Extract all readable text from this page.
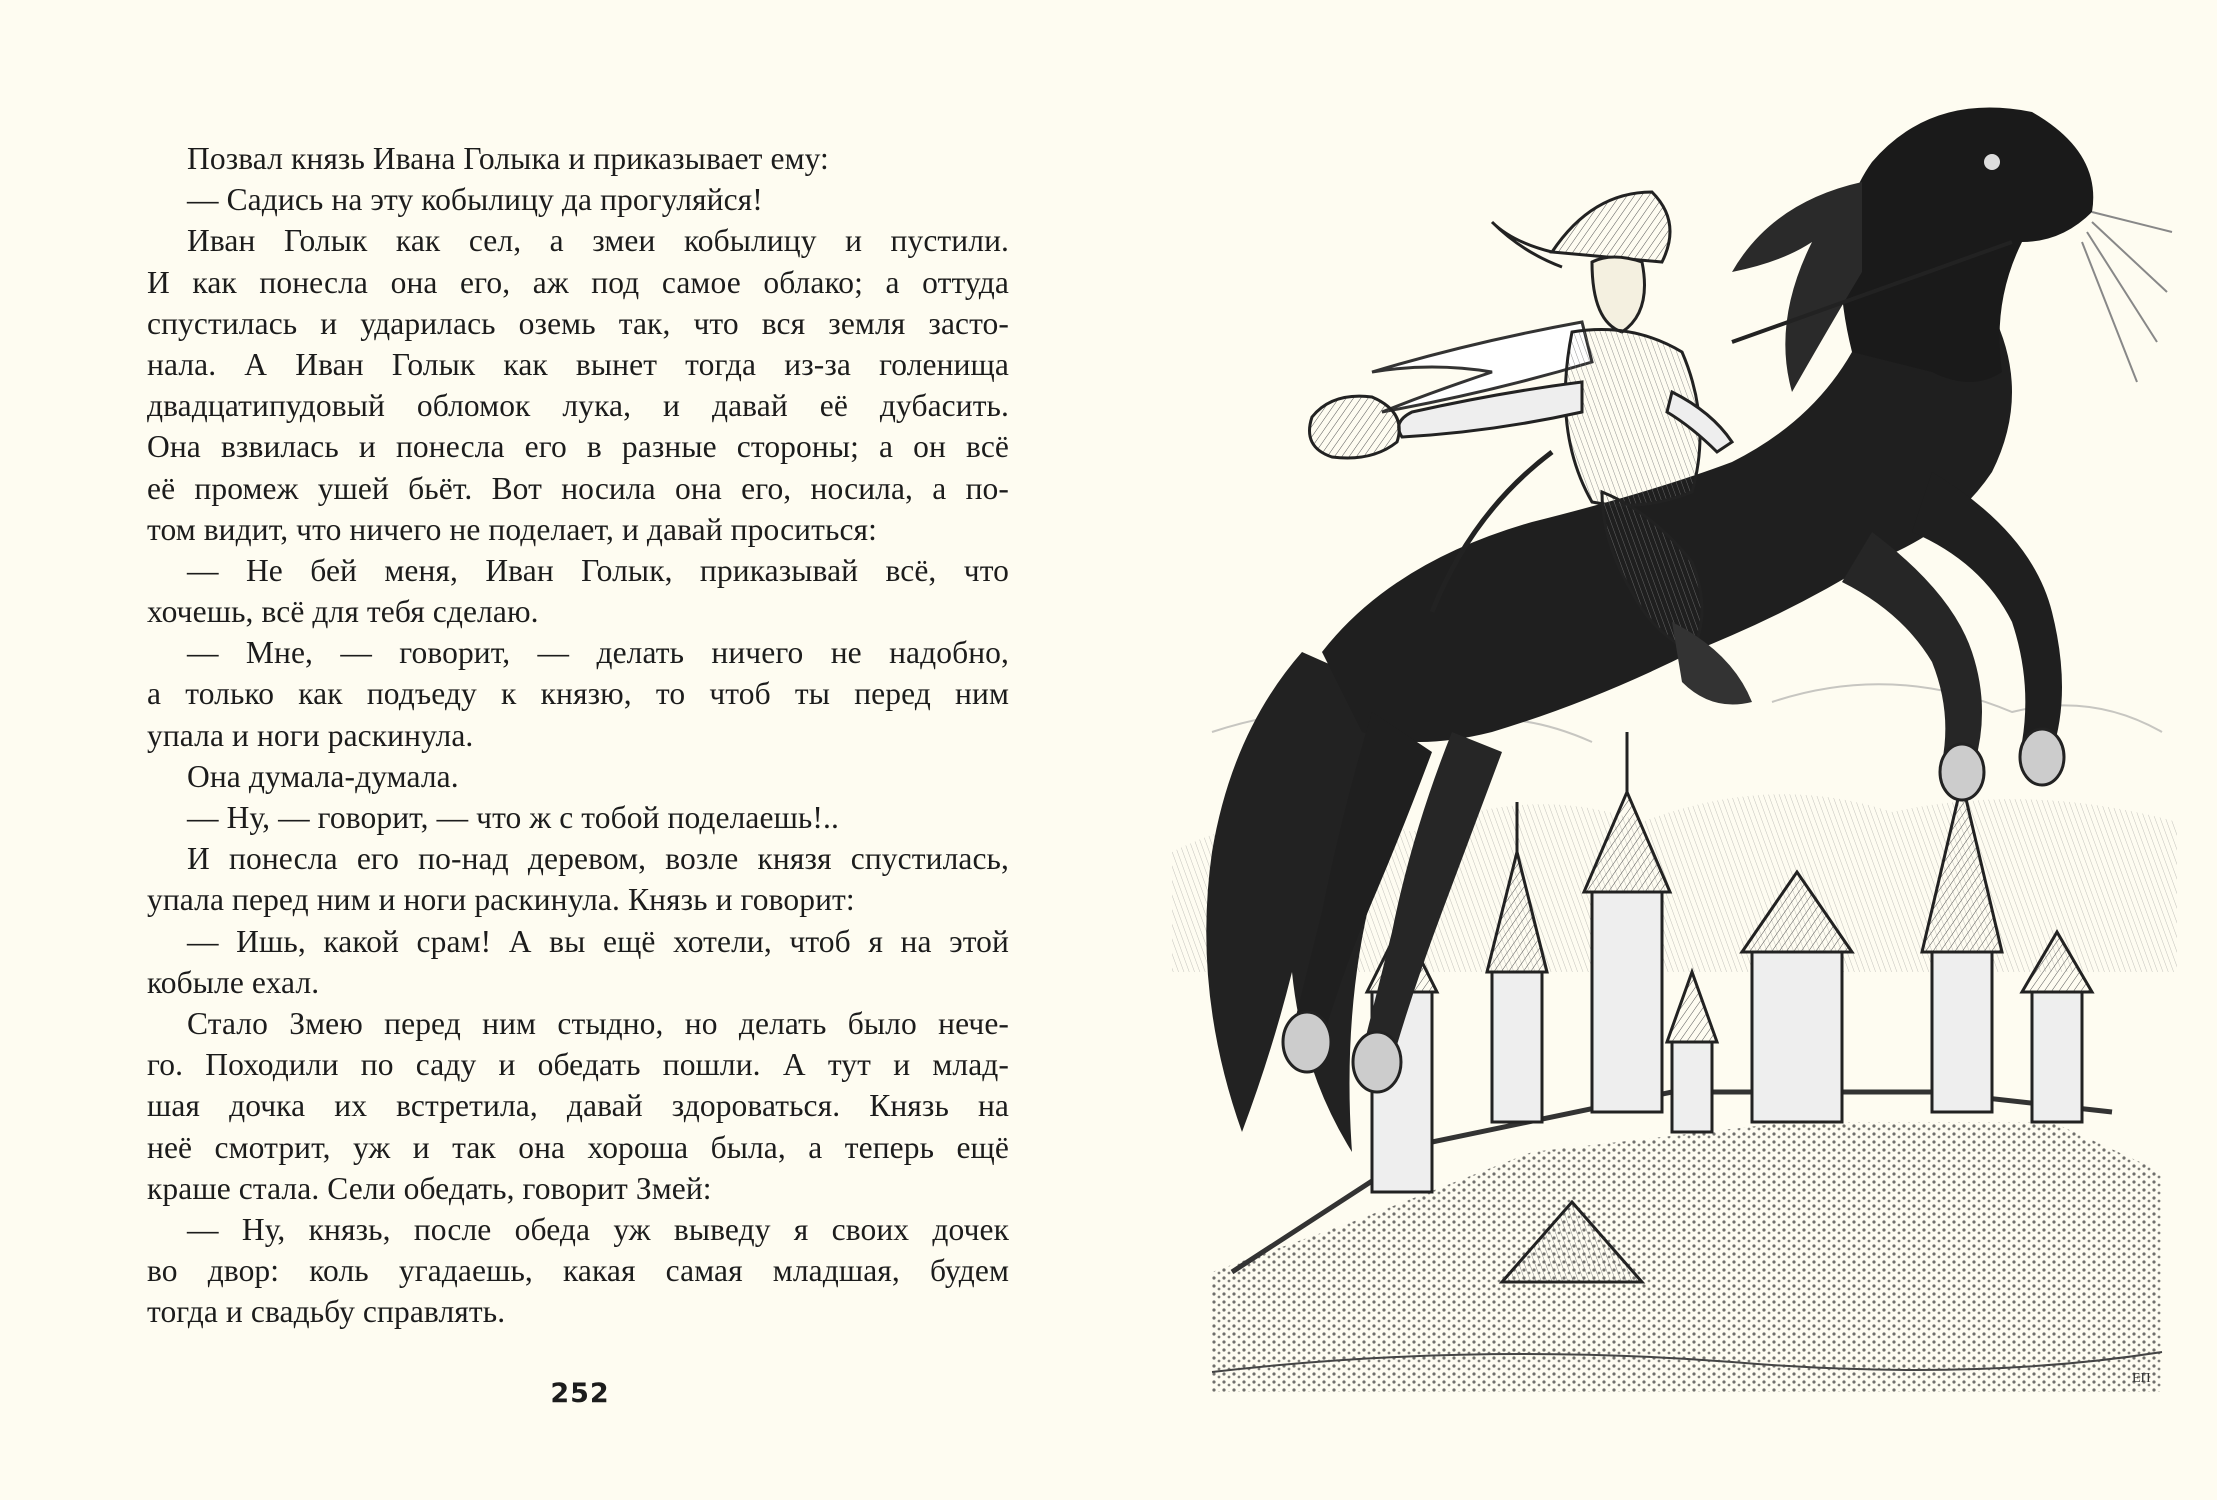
Позвал князь Ивана Голыка и приказывает ему:
— Садись на эту кобылицу да прогуляйся!
Иван Голык как сел, а змеи кобылицу и пустили.
И как понесла она его, аж под самое облако; а оттуда
спустилась и ударилась оземь так, что вся земля засто-
нала. А Иван Голык как вынет тогда из-за голенища
двадцатипудовый обломок лука, и давай её дубасить.
Она взвилась и понесла его в разные стороны; а он всё
её промеж ушей бьёт. Вот носила она его, носила, а по-
том видит, что ничего не поделает, и давай проситься:
— Не бей меня, Иван Голык, приказывай всё, что
хочешь, всё для тебя сделаю.
— Мне, — говорит, — делать ничего не надобно,
а только как подъеду к князю, то чтоб ты перед ним
упала и ноги раскинула.
Она думала-думала.
— Ну, — говорит, — что ж с тобой поделаешь!..
И понесла его по-над деревом, возле князя спустилась,
упала перед ним и ноги раскинула. Князь и говорит:
— Ишь, какой срам! А вы ещё хотели, чтоб я на этой
кобыле ехал.
Стало Змею перед ним стыдно, но делать было нече-
го. Походили по саду и обедать пошли. А тут и млад-
шая дочка их встретила, давай здороваться. Князь на
неё смотрит, уж и так она хороша была, а теперь ещё
краше стала. Сели обедать, говорит Змей:
— Ну, князь, после обеда уж выведу я своих дочек
во двор: коль угадаешь, какая самая младшая, будем
тогда и свадьбу справлять.
252	ЕП
